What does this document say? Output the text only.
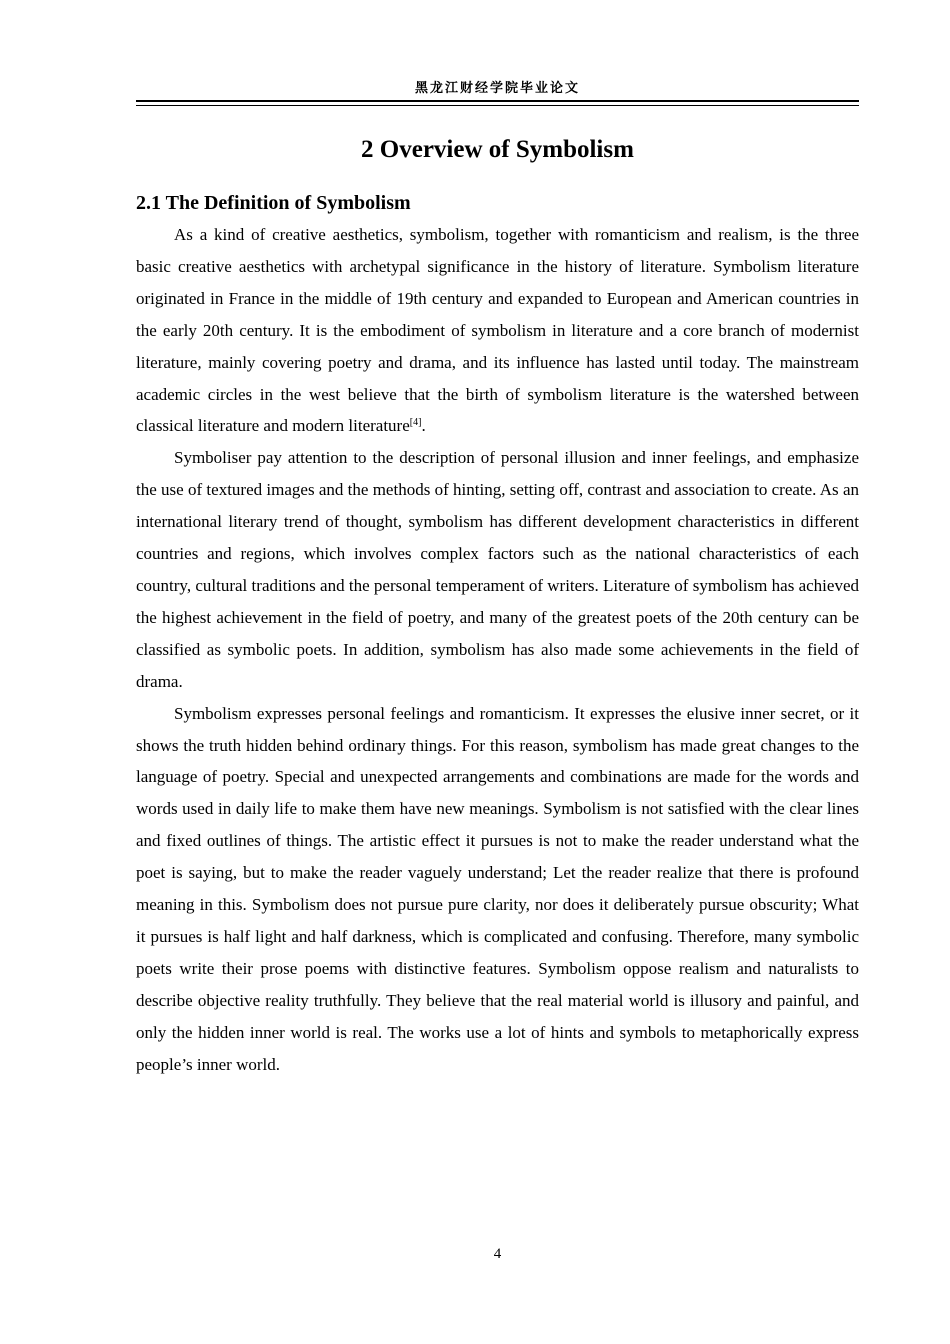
黑龙江财经学院毕业论文
2 Overview of Symbolism
2.1 The Definition of Symbolism

As a kind of creative aesthetics, symbolism, together with romanticism and realism, is the three basic creative aesthetics with archetypal significance in the history of literature. Symbolism literature originated in France in the middle of 19th century and expanded to European and American countries in the early 20th century. It is the embodiment of symbolism in literature and a core branch of modernist literature, mainly covering poetry and drama, and its influence has lasted until today. The mainstream academic circles in the west believe that the birth of symbolism literature is the watershed between classical literature and modern literature[4].

Symboliser pay attention to the description of personal illusion and inner feelings, and emphasize the use of textured images and the methods of hinting, setting off, contrast and association to create. As an international literary trend of thought, symbolism has different development characteristics in different countries and regions, which involves complex factors such as the national characteristics of each country, cultural traditions and the personal temperament of writers. Literature of symbolism has achieved the highest achievement in the field of poetry, and many of the greatest poets of the 20th century can be classified as symbolic poets. In addition, symbolism has also made some achievements in the field of drama.

Symbolism expresses personal feelings and romanticism. It expresses the elusive inner secret, or it shows the truth hidden behind ordinary things. For this reason, symbolism has made great changes to the language of poetry. Special and unexpected arrangements and combinations are made for the words and words used in daily life to make them have new meanings. Symbolism is not satisfied with the clear lines and fixed outlines of things. The artistic effect it pursues is not to make the reader understand what the poet is saying, but to make the reader vaguely understand; Let the reader realize that there is profound meaning in this. Symbolism does not pursue pure clarity, nor does it deliberately pursue obscurity; What it pursues is half light and half darkness, which is complicated and confusing. Therefore, many symbolic poets write their prose poems with distinctive features. Symbolism oppose realism and naturalists to describe objective reality truthfully. They believe that the real material world is illusory and painful, and only the hidden inner world is real. The works use a lot of hints and symbols to metaphorically express people’s inner world.

4
